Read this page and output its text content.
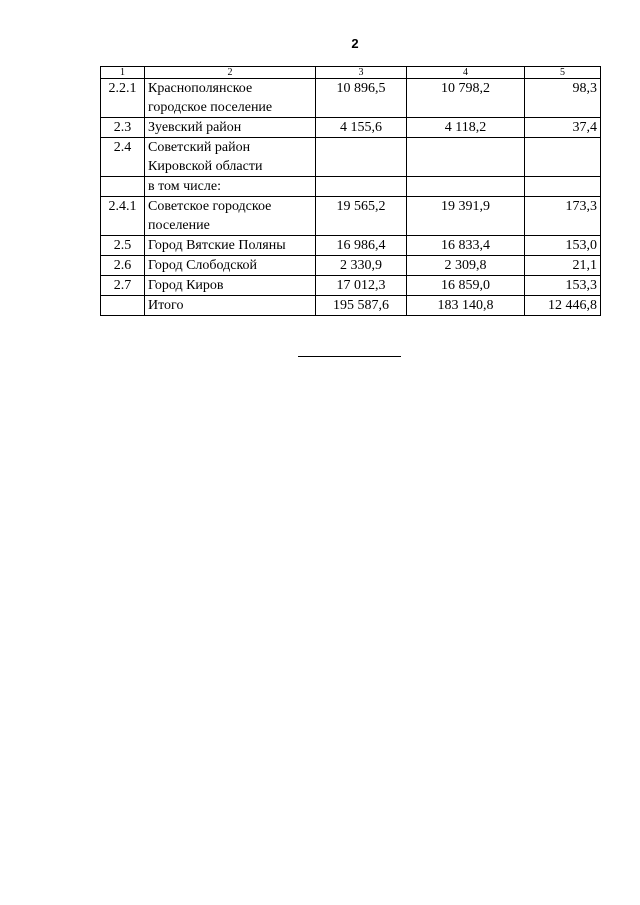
2
1	2	3	4	5
2.2.1	Краснополянское городское поселение	10 896,5	10 798,2	98,3
2.3	Зуевский район	4 155,6	4 118,2	37,4
2.4	Советский район Кировской области			
	в том числе:			
2.4.1	Советское городское поселение	19 565,2	19 391,9	173,3
2.5	Город Вятские Поляны	16 986,4	16 833,4	153,0
2.6	Город Слободской	2 330,9	2 309,8	21,1
2.7	Город Киров	17 012,3	16 859,0	153,3
	Итого	195 587,6	183 140,8	12 446,8
